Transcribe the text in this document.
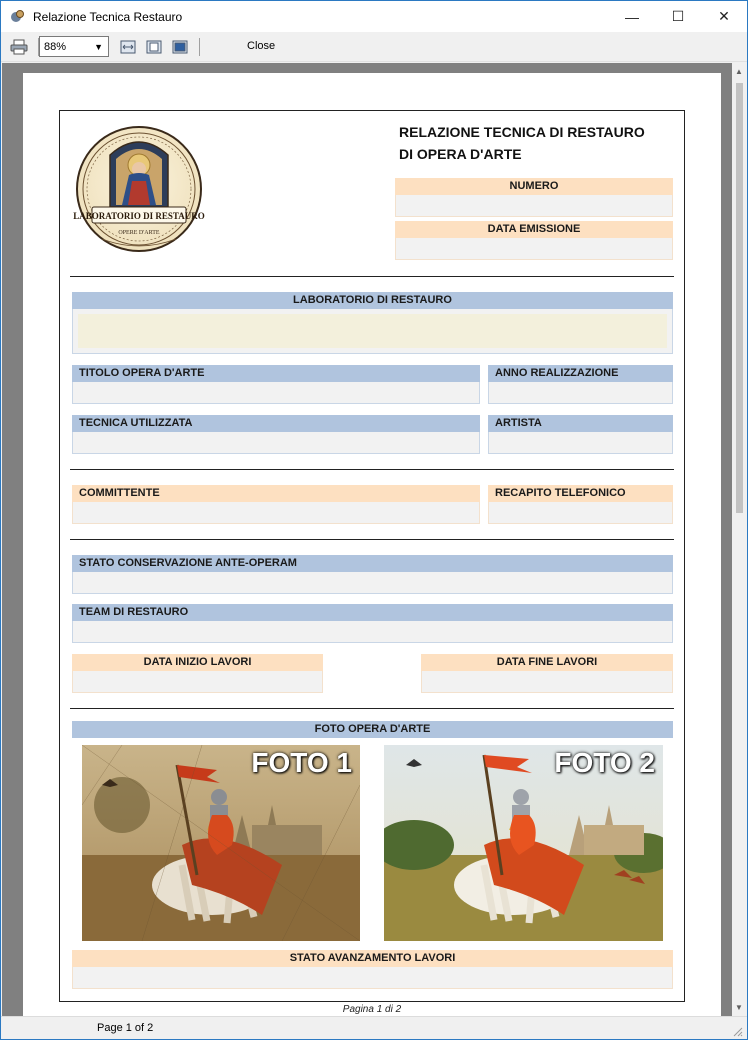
Relazione Tecnica Restauro	—	☐	✕
88%	▼	Close
LABORATORIO DI RESTAURO
OPERE D'ARTE
RELAZIONE TECNICA DI RESTAURO
DI OPERA D'ARTE
NUMERO
DATA EMISSIONE
LABORATORIO DI RESTAURO
TITOLO OPERA D'ARTE	ANNO REALIZZAZIONE
TECNICA UTILIZZATA	ARTISTA
COMMITTENTE	RECAPITO TELEFONICO
STATO CONSERVAZIONE ANTE-OPERAM
TEAM DI RESTAURO
DATA INIZIO LAVORI	DATA FINE LAVORI
FOTO OPERA D'ARTE
FOTO 1	FOTO 2
STATO AVANZAMENTO LAVORI
Pagina 1 di 2
▲
▼
Page 1 of 2
